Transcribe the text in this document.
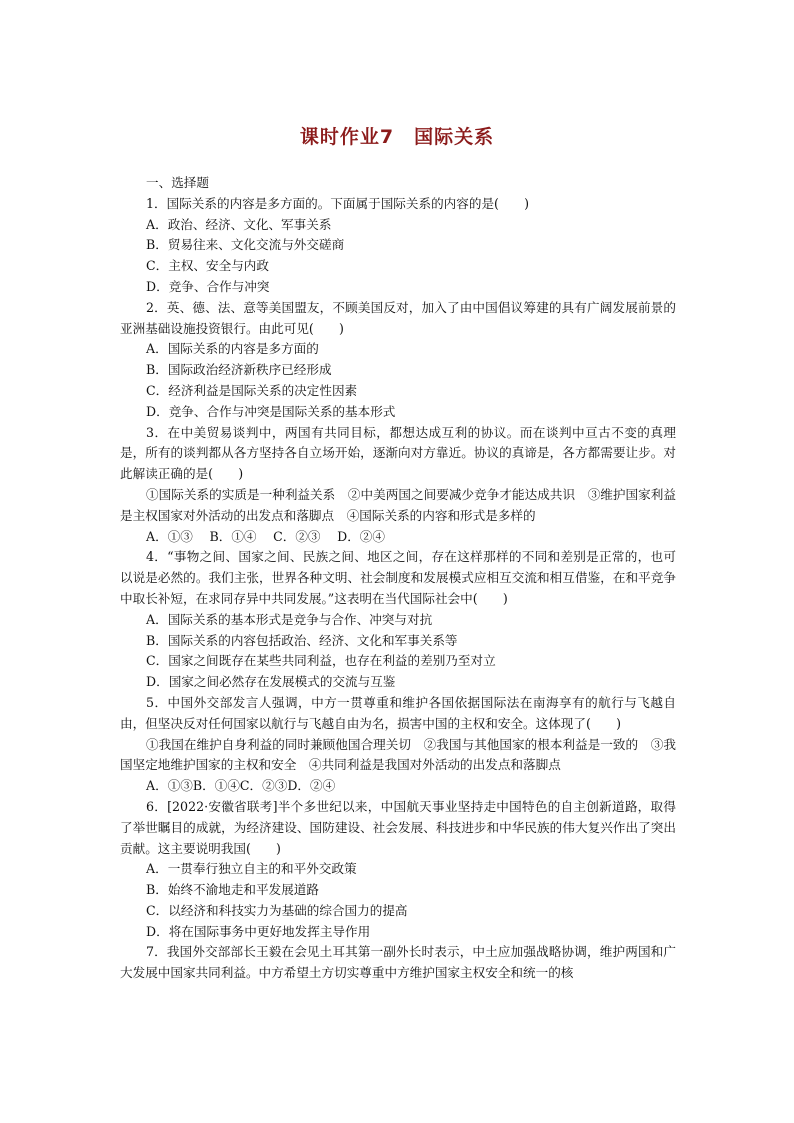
课时作业7　国际关系

一、选择题

1．国际关系的内容是多方面的。下面属于国际关系的内容的是(　　)

A．政治、经济、文化、军事关系

B．贸易往来、文化交流与外交磋商

C．主权、安全与内政

D．竞争、合作与冲突

2．英、德、法、意等美国盟友，不顾美国反对，加入了由中国倡议筹建的具有广阔发展前景的亚洲基础设施投资银行。由此可见(　　)

A．国际关系的内容是多方面的

B．国际政治经济新秩序已经形成

C．经济利益是国际关系的决定性因素

D．竞争、合作与冲突是国际关系的基本形式

3．在中美贸易谈判中，两国有共同目标，都想达成互利的协议。而在谈判中亘古不变的真理是，所有的谈判都从各方坚持各自立场开始，逐渐向对方靠近。协议的真谛是，各方都需要让步。对此解读正确的是(　　)

①国际关系的实质是一种利益关系　②中美两国之间要减少竞争才能达成共识　③维护国家利益是主权国家对外活动的出发点和落脚点　④国际关系的内容和形式是多样的

A．①③　 B．①④　 C．②③　 D．②④

4．“事物之间、国家之间、民族之间、地区之间，存在这样那样的不同和差别是正常的，也可以说是必然的。我们主张，世界各种文明、社会制度和发展模式应相互交流和相互借鉴，在和平竞争中取长补短，在求同存异中共同发展。”这表明在当代国际社会中(　　)

A．国际关系的基本形式是竞争与合作、冲突与对抗

B．国际关系的内容包括政治、经济、文化和军事关系等

C．国家之间既存在某些共同利益，也存在利益的差别乃至对立

D．国家之间必然存在发展模式的交流与互鉴

5．中国外交部发言人强调，中方一贯尊重和维护各国依据国际法在南海享有的航行与飞越自由，但坚决反对任何国家以航行与飞越自由为名，损害中国的主权和安全。这体现了(　　)

①我国在维护自身利益的同时兼顾他国合理关切　②我国与其他国家的根本利益是一致的　③我国坚定地维护国家的主权和安全　④共同利益是我国对外活动的出发点和落脚点

A．①③B．①④C．②③D．②④

6．[2022·安徽省联考]半个多世纪以来，中国航天事业坚持走中国特色的自主创新道路，取得了举世瞩目的成就，为经济建设、国防建设、社会发展、科技进步和中华民族的伟大复兴作出了突出贡献。这主要说明我国(　　)

A．一贯奉行独立自主的和平外交政策

B．始终不渝地走和平发展道路

C．以经济和科技实力为基础的综合国力的提高

D．将在国际事务中更好地发挥主导作用

7．我国外交部部长王毅在会见土耳其第一副外长时表示，中土应加强战略协调，维护两国和广大发展中国家共同利益。中方希望土方切实尊重中方维护国家主权安全和统一的核
